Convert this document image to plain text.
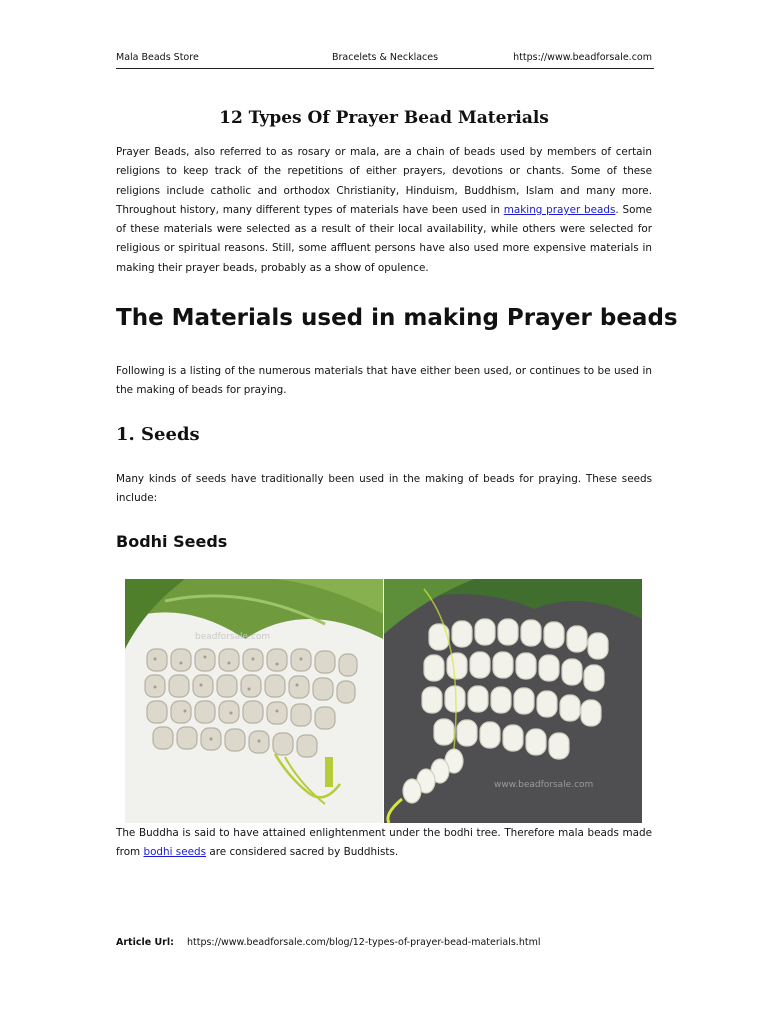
Mala Beads Store	Bracelets & Necklaces	https://www.beadforsale.com
12 Types Of Prayer Bead Materials

Prayer Beads, also referred to as rosary or mala, are a chain of beads used by members of certain religions to keep track of the repetitions of either prayers, devotions or chants. Some of these religions include catholic and orthodox Christianity, Hinduism, Buddhism, Islam and many more. Throughout history, many different types of materials have been used in making prayer beads. Some of these materials were selected as a result of their local availability, while others were selected for religious or spiritual reasons. Still, some affluent persons have also used more expensive materials in making their prayer beads, probably as a show of opulence.

The Materials used in making Prayer beads

Following is a listing of the numerous materials that have either been used, or continues to be used in the making of beads for praying.

1. Seeds

Many kinds of seeds have traditionally been used in the making of beads for praying. These seeds include:

Bodhi Seeds
beadforsale.com
www.beadforsale.com

The Buddha is said to have attained enlightenment under the bodhi tree. Therefore mala beads made from bodhi seeds are considered sacred by Buddhists.

Article Url: https://www.beadforsale.com/blog/12-types-of-prayer-bead-materials.html
